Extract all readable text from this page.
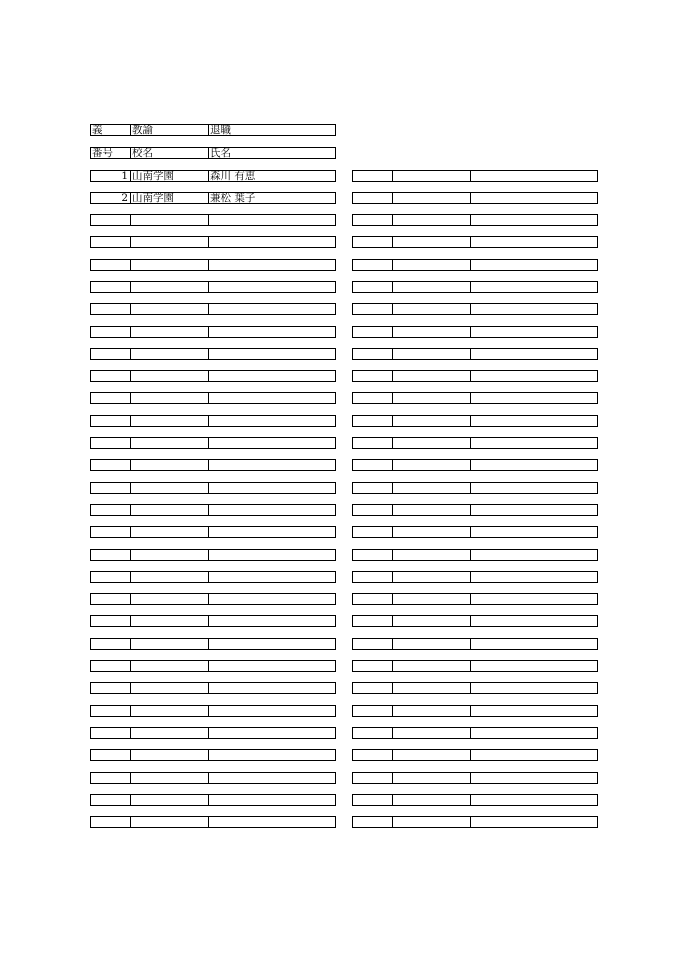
義	教諭	退職
番号	校名	氏名
1 山南学園	森川 有恵
2 山南学園	兼松 葉子
